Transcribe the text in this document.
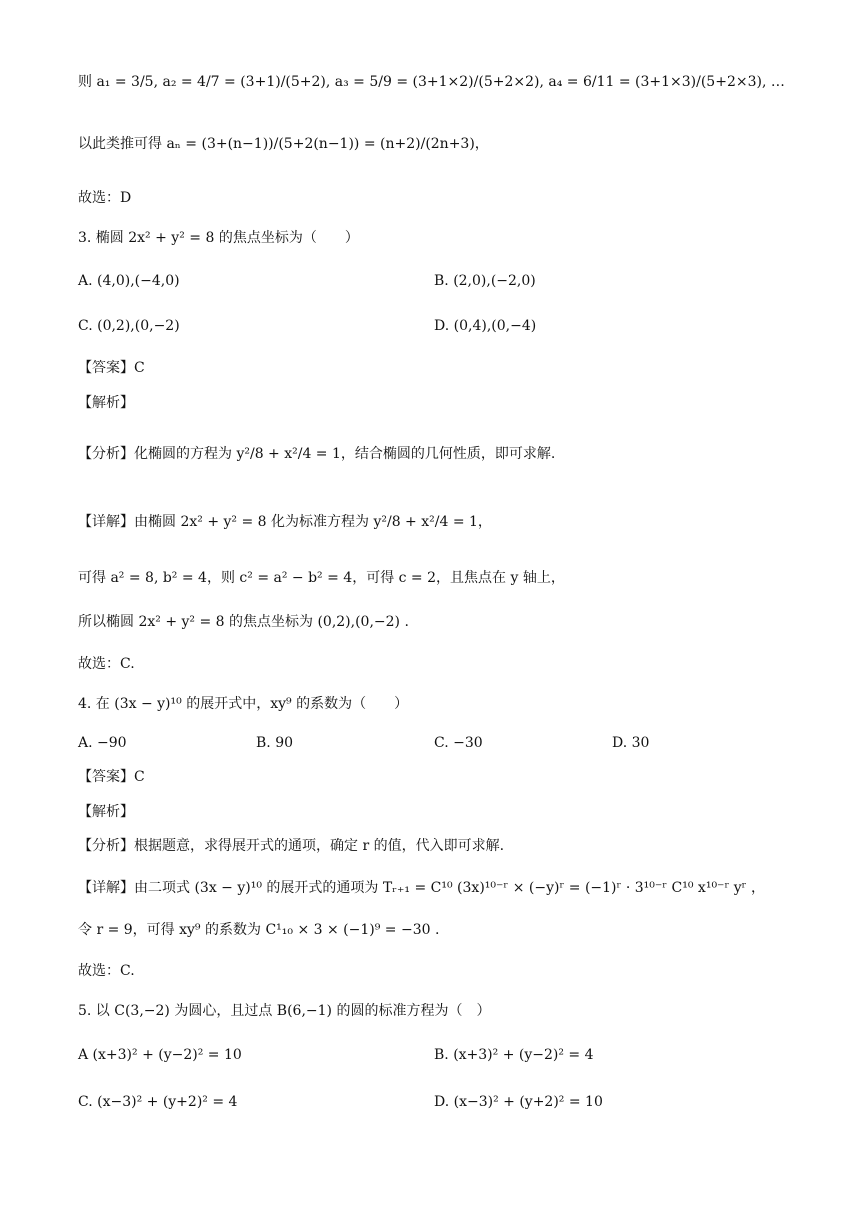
则 a₁ = 3/5, a₂ = 4/7 = (3+1)/(5+2), a₃ = 5/9 = (3+1×2)/(5+2×2), a₄ = 6/11 = (3+1×3)/(5+2×3), …
以此类推可得 aₙ = (3+(n−1))/(5+2(n−1)) = (n+2)/(2n+3)，
故选：D
3. 椭圆 2x² + y² = 8 的焦点坐标为（　　）
A. (4,0),(−4,0)	B. (2,0),(−2,0)
C. (0,2),(0,−2)	D. (0,4),(0,−4)
【答案】C
【解析】
【分析】化椭圆的方程为 y²/8 + x²/4 = 1，结合椭圆的几何性质，即可求解.
【详解】由椭圆 2x² + y² = 8 化为标准方程为 y²/8 + x²/4 = 1，
可得 a² = 8, b² = 4，则 c² = a² − b² = 4，可得 c = 2，且焦点在 y 轴上，
所以椭圆 2x² + y² = 8 的焦点坐标为 (0,2),(0,−2) .
故选：C.
4. 在 (3x − y)¹⁰ 的展开式中，xy⁹ 的系数为（　　）
A. −90	B. 90	C. −30	D. 30
【答案】C
【解析】
【分析】根据题意，求得展开式的通项，确定 r 的值，代入即可求解.
【详解】由二项式 (3x − y)¹⁰ 的展开式的通项为 Tᵣ₊₁ = C¹⁰ (3x)¹⁰⁻ʳ × (−y)ʳ = (−1)ʳ · 3¹⁰⁻ʳ C¹⁰ x¹⁰⁻ʳ yʳ ，
令 r = 9，可得 xy⁹ 的系数为 C¹₁₀ × 3 × (−1)⁹ = −30 .
故选：C.
5. 以 C(3,−2) 为圆心，且过点 B(6,−1) 的圆的标准方程为（　）
A (x+3)² + (y−2)² = 10	B. (x+3)² + (y−2)² = 4
C. (x−3)² + (y+2)² = 4	D. (x−3)² + (y+2)² = 10
